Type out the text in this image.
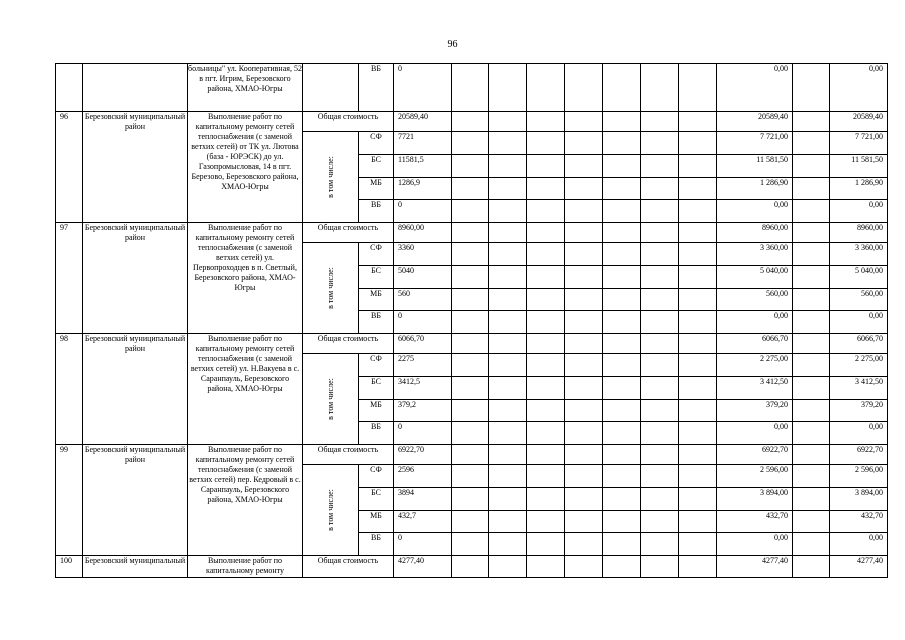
96
		больницы" ул. Кооперативная, 52 в пгт. Игрим, Березовского района, ХМАО-Югры		ВБ	0								0,00		0,00
96	Березовский муниципальный район	Выполнение работ по капитальному ремонту сетей теплоснабжения (с заменой ветхих сетей) от ТК ул. Лютова (база - ЮРЭСК) до ул. Газопромысловая, 14 в пгт. Березово, Березовского района, ХМАО-Югры	Общая стоимость		20589,40								20589,40		20589,40

			в том числе:	СФ	7721								7 721,00		7 721,00
				БС	11581,5								11 581,50		11 581,50
				МБ	1286,9								1 286,90		1 286,90
				ВБ	0								0,00		0,00
97	Березовский муниципальный район	Выполнение работ по капитальному ремонту сетей теплоснабжения (с заменой ветхих сетей) ул. Первопроходцев в п. Светлый, Березовского района, ХМАО-Югры	Общая стоимость		8960,00								8960,00		8960,00

			в том числе:	СФ	3360								3 360,00		3 360,00
				БС	5040								5 040,00		5 040,00
				МБ	560								560,00		560,00
				ВБ	0								0,00		0,00
98	Березовский муниципальный район	Выполнение работ по капитальному ремонту сетей теплоснабжения (с заменой ветхих сетей) ул. Н.Вакуева в с. Саранпауль, Березовского района, ХМАО-Югры	Общая стоимость		6066,70								6066,70		6066,70

			в том числе:	СФ	2275								2 275,00		2 275,00
				БС	3412,5								3 412,50		3 412,50
				МБ	379,2								379,20		379,20
				ВБ	0								0,00		0,00
99	Березовский муниципальный район	Выполнение работ по капитальному ремонту сетей теплоснабжения (с заменой ветхих сетей) пер. Кедровый в с. Саранпауль, Березовского района, ХМАО-Югры	Общая стоимость		6922,70								6922,70		6922,70

			в том числе:	СФ	2596								2 596,00		2 596,00
				БС	3894								3 894,00		3 894,00
				МБ	432,7								432,70		432,70
				ВБ	0								0,00		0,00
100	Березовский муниципальный	Выполнение работ по капитальному ремонту	Общая стоимость		4277,40								4277,40		4277,40
